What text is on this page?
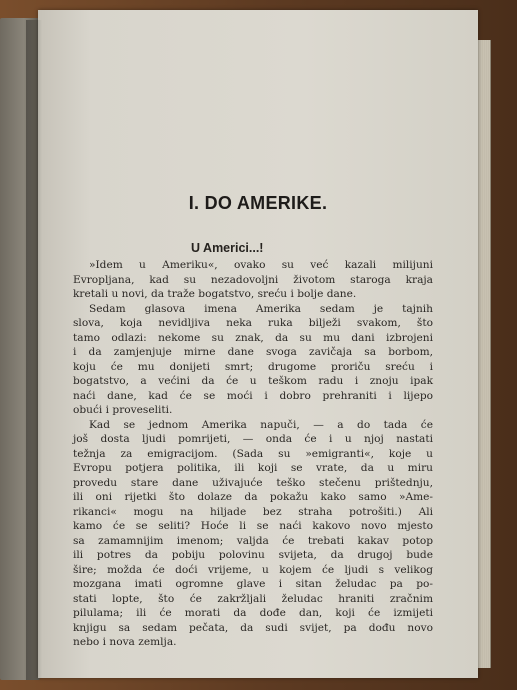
I. DO AMERIKE.
U Americi...!
»Idem u Ameriku«, ovako su već kazali milijuni
Evropljana, kad su nezadovoljni životom staroga kraja
kretali u novi, da traže bogatstvo, sreću i bolje dane.
Sedam glasova imena Amerika sedam je tajnih
slova, koja nevidljiva neka ruka bilježi svakom, što
tamo odlazi: nekome su znak, da su mu dani izbrojeni
i da zamjenjuje mirne dane svoga zavičaja sa borbom,
koju će mu donijeti smrt; drugome proriču sreću i
bogatstvo, a većini da će u teškom radu i znoju ipak
naći dane, kad će se moći i dobro prehraniti i lijepo
obući i proveseliti.
Kad se jednom Amerika napuči, — a do tada će
još dosta ljudi pomrijeti, — onda će i u njoj nastati
težnja za emigracijom. (Sada su »emigranti«, koje u
Evropu potjera politika, ili koji se vrate, da u miru
provedu stare dane uživajuće teško stečenu prištednju,
ili oni rijetki što dolaze da pokažu kako samo »Ame-
rikanci« mogu na hiljade bez straha potrošiti.) Ali
kamo će se seliti? Hoće li se naći kakovo novo mjesto
sa zamamnijim imenom; valjda će trebati kakav potop
ili potres da pobiju polovinu svijeta, da drugoj bude
šire; možda će doći vrijeme, u kojem će ljudi s velikog
mozgana imati ogromne glave i sitan želudac pa po-
stati lopte, što će zakržljali želudac hraniti zračnim
pilulama; ili će morati da dođe dan, koji će izmijeti
knjigu sa sedam pečata, da sudi svijet, pa dođu novo
nebo i nova zemlja.
